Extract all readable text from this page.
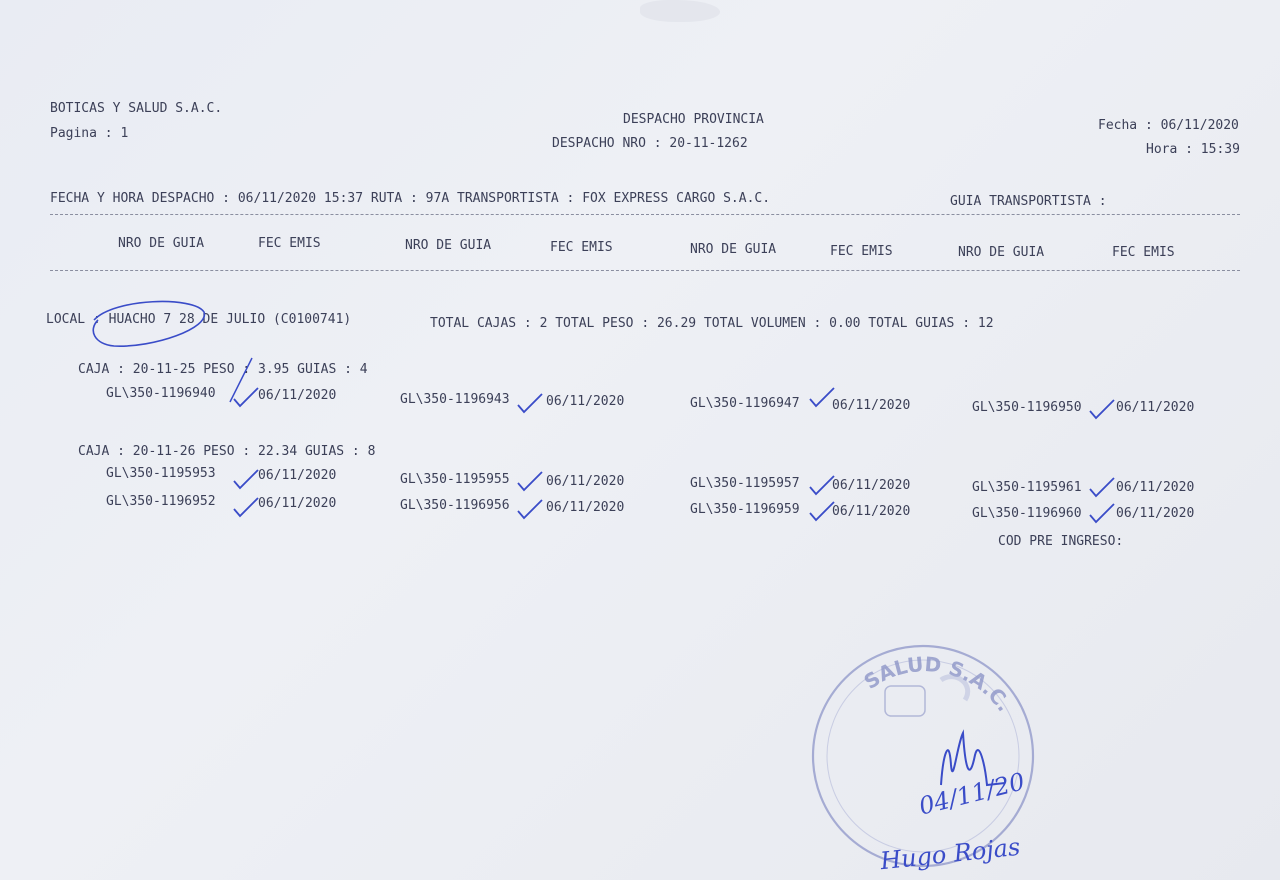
BOTICAS Y SALUD S.A.C.
Pagina : 1
DESPACHO PROVINCIA
DESPACHO NRO : 20-11-1262
Fecha : 06/11/2020
Hora : 15:39
FECHA Y HORA DESPACHO : 06/11/2020 15:37 RUTA : 97A TRANSPORTISTA : FOX EXPRESS CARGO S.A.C.	GUIA TRANSPORTISTA :
NRO DE GUIA	FEC EMIS	NRO DE GUIA	FEC EMIS	NRO DE GUIA	FEC EMIS	NRO DE GUIA	FEC EMIS
LOCAL : HUACHO 7 28 DE JULIO (C0100741)	TOTAL CAJAS : 2 TOTAL PESO : 26.29 TOTAL VOLUMEN : 0.00 TOTAL GUIAS : 12
CAJA : 20-11-25 PESO : 3.95 GUIAS : 4
GL\350-1196940	06/11/2020	GL\350-1196943	06/11/2020	GL\350-1196947 06/11/2020	GL\350-1196950	06/11/2020
CAJA : 20-11-26 PESO : 22.34 GUIAS : 8
GL\350-1195953	06/11/2020	GL\350-1195955	06/11/2020	GL\350-1195957 06/11/2020	GL\350-1195961	06/11/2020
GL\350-1196952	06/11/2020	GL\350-1196956	06/11/2020	GL\350-1196959 06/11/2020	GL\350-1196960	06/11/2020
COD PRE INGRESO:
SALUD S.A.C.
04/11/20
Hugo Rojas
